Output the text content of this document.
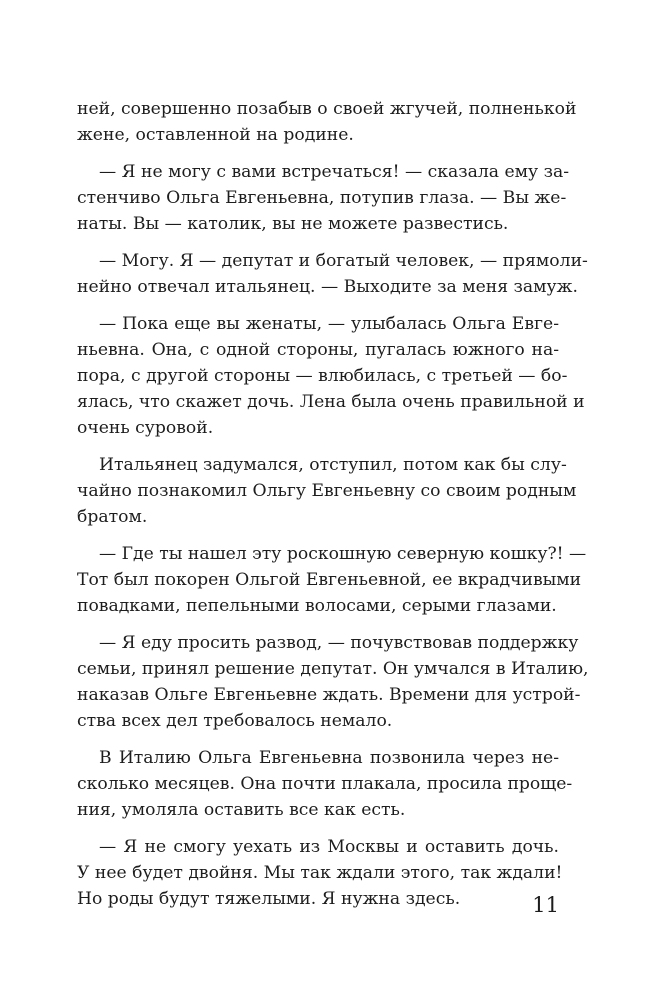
ней, совершенно позабыв о своей жгучей, полненькой
жене, оставленной на родине.
— Я не могу с вами встречаться! — сказала ему за-
стенчиво Ольга Евгеньевна, потупив глаза. — Вы же-
наты. Вы — католик, вы не можете развестись.
— Могу. Я — депутат и богатый человек, — прямоли-
нейно отвечал итальянец. — Выходите за меня замуж.
— Пока еще вы женаты, — улыбалась Ольга Евге-
ньевна. Она, с одной стороны, пугалась южного на-
пора, с другой стороны — влюбилась, с третьей — бо-
ялась, что скажет дочь. Лена была очень правильной и
очень суровой.
Итальянец задумался, отступил, потом как бы слу-
чайно познакомил Ольгу Евгеньевну со своим родным
братом.
— Где ты нашел эту роскошную северную кошку?! —
Тот был покорен Ольгой Евгеньевной, ее вкрадчивыми
повадками, пепельными волосами, серыми глазами.
— Я еду просить развод, — почувствовав поддержку
семьи, принял решение депутат. Он умчался в Италию,
наказав Ольге Евгеньевне ждать. Времени для устрой-
ства всех дел требовалось немало.
В Италию Ольга Евгеньевна позвонила через не-
сколько месяцев. Она почти плакала, просила проще-
ния, умоляла оставить все как есть.
— Я не смогу уехать из Москвы и оставить дочь.
У нее будет двойня. Мы так ждали этого, так ждали!
Но роды будут тяжелыми. Я нужна здесь.	11
